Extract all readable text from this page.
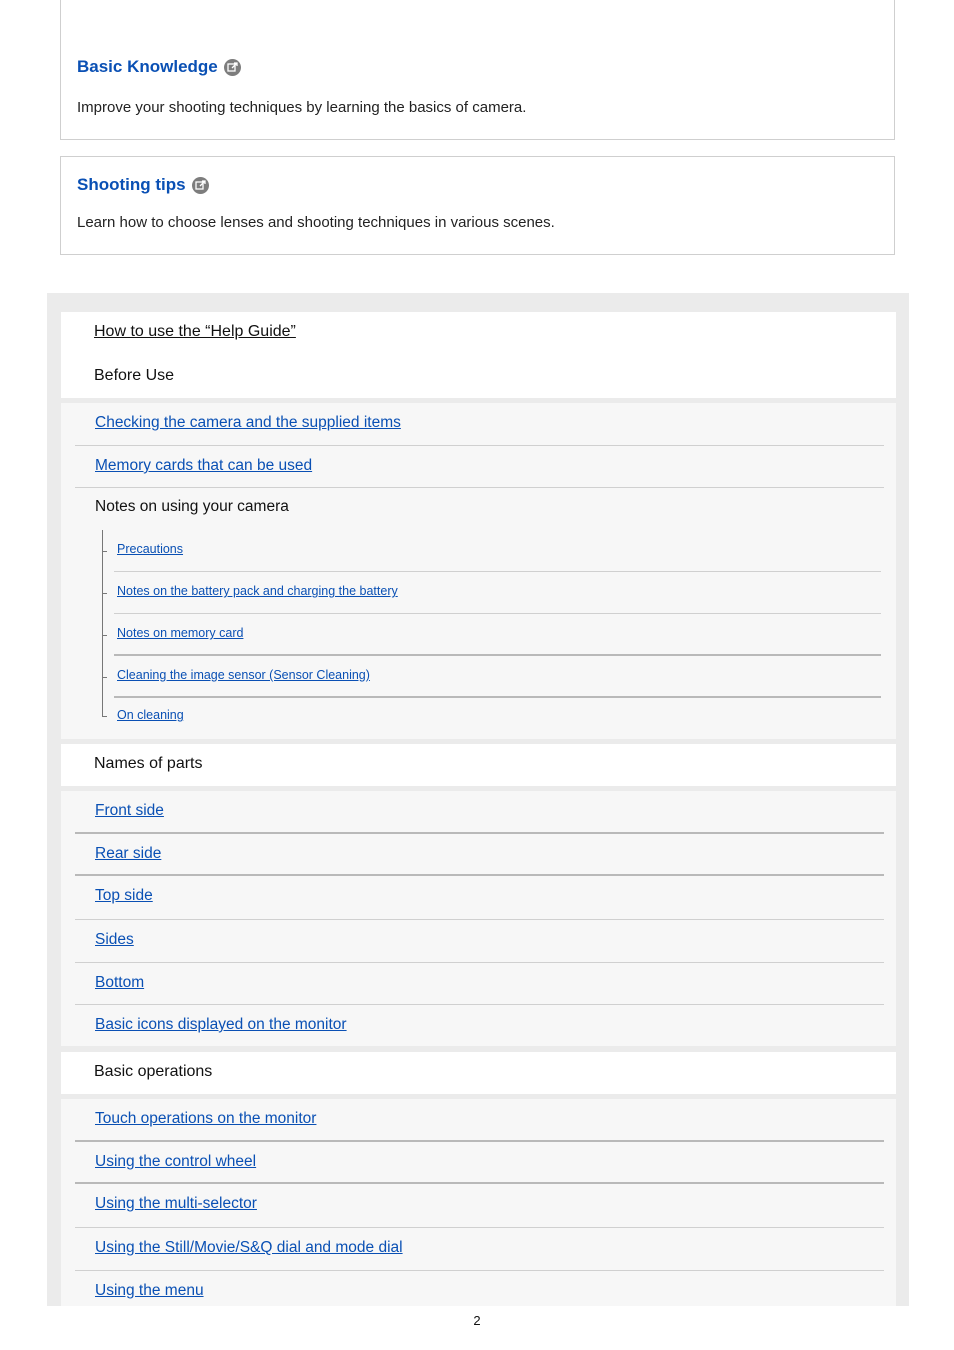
Basic Knowledge
Improve your shooting techniques by learning the basics of camera.
Shooting tips
Learn how to choose lenses and shooting techniques in various scenes.
How to use the “Help Guide”
Before Use
Checking the camera and the supplied items
Memory cards that can be used
Notes on using your camera
Precautions
Notes on the battery pack and charging the battery
Notes on memory card
Cleaning the image sensor (Sensor Cleaning)
On cleaning
Names of parts
Front side
Rear side
Top side
Sides
Bottom
Basic icons displayed on the monitor
Basic operations
Touch operations on the monitor
Using the control wheel
Using the multi-selector
Using the Still/Movie/S&Q dial and mode dial
Using the menu
2
